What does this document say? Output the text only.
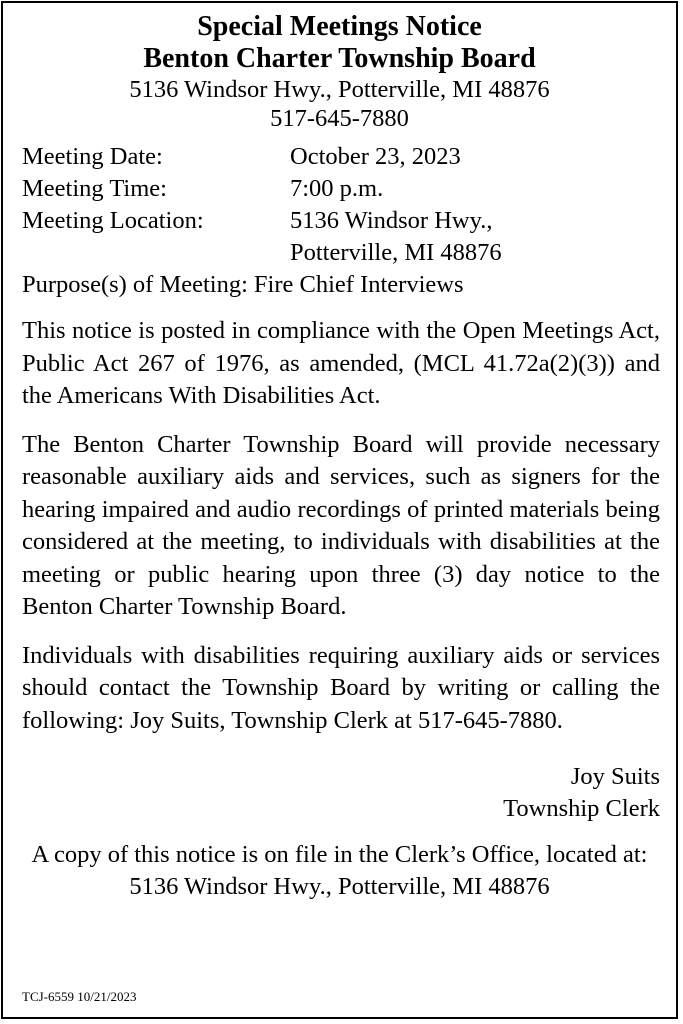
Special Meetings Notice
Benton Charter Township Board
5136 Windsor Hwy., Potterville, MI 48876
517-645-7880
Meeting Date:	October 23, 2023
Meeting Time:	7:00 p.m.
Meeting Location:	5136 Windsor Hwy.,
Potterville, MI 48876
Purpose(s) of Meeting: Fire Chief Interviews
This notice is posted in compliance with the Open Meetings Act, Public Act 267 of 1976, as amended, (MCL 41.72a(2)(3)) and the Americans With Disabilities Act.
The Benton Charter Township Board will provide necessary reasonable auxiliary aids and services, such as signers for the hearing impaired and audio recordings of printed materials being considered at the meeting, to individuals with disabilities at the meeting or public hearing upon three (3) day notice to the Benton Charter Township Board.
Individuals with disabilities requiring auxiliary aids or services should contact the Township Board by writing or calling the following: Joy Suits, Township Clerk at 517-645-7880.
Joy Suits
Township Clerk
A copy of this notice is on file in the Clerk’s Office, located at:
5136 Windsor Hwy., Potterville, MI 48876
TCJ-6559 10/21/2023
